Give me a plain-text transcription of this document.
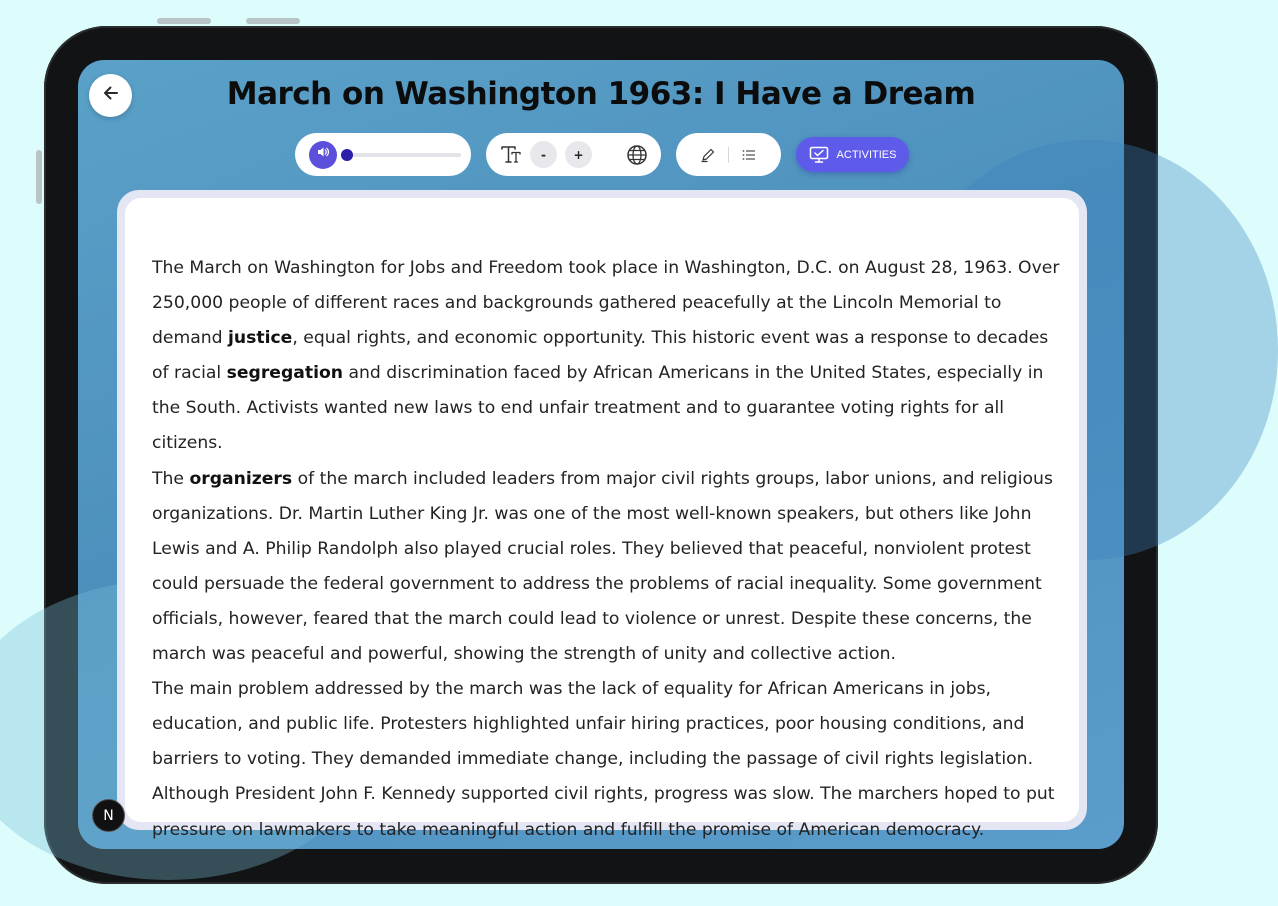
March on Washington 1963: I Have a Dream
-	+	ACTIVITIES

The March on Washington for Jobs and Freedom took place in Washington, D.C. on August 28, 1963. Over 250,000 people of different races and backgrounds gathered peacefully at the Lincoln Memorial to demand justice, equal rights, and economic opportunity. This historic event was a response to decades of racial segregation and discrimination faced by African Americans in the United States, especially in the South. Activists wanted new laws to end unfair treatment and to guarantee voting rights for all citizens.

The organizers of the march included leaders from major civil rights groups, labor unions, and religious organizations. Dr. Martin Luther King Jr. was one of the most well-known speakers, but others like John Lewis and A. Philip Randolph also played crucial roles. They believed that peaceful, nonviolent protest could persuade the federal government to address the problems of racial inequality. Some government officials, however, feared that the march could lead to violence or unrest. Despite these concerns, the march was peaceful and powerful, showing the strength of unity and collective action.

The main problem addressed by the march was the lack of equality for African Americans in jobs, education, and public life. Protesters highlighted unfair hiring practices, poor housing conditions, and barriers to voting. They demanded immediate change, including the passage of civil rights legislation. Although President John F. Kennedy supported civil rights, progress was slow. The marchers hoped to put pressure on lawmakers to take meaningful action and fulfill the promise of American democracy.

N
